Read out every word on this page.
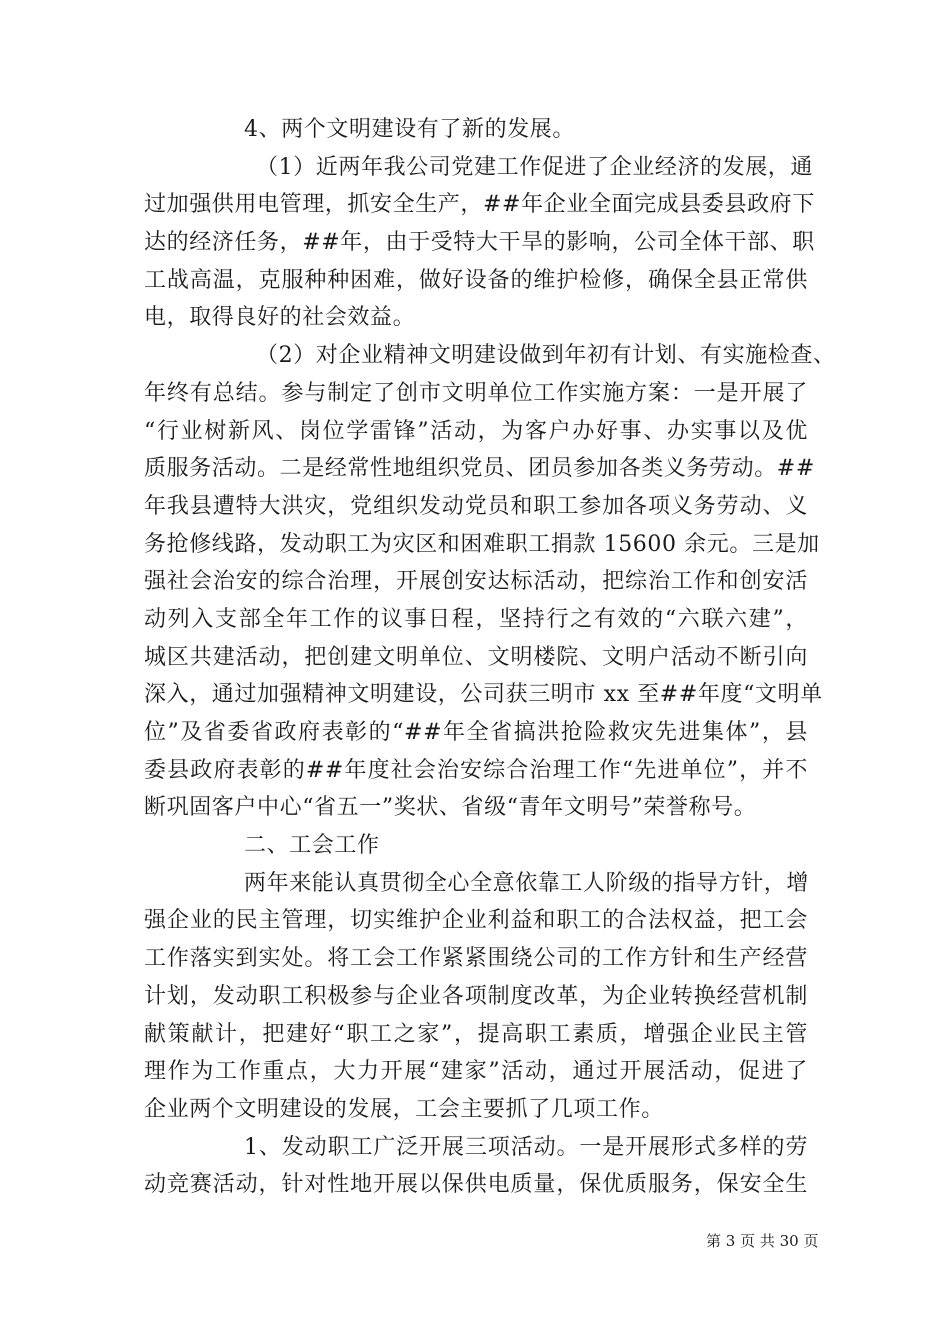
4、两个文明建设有了新的发展。
（1）近两年我公司党建工作促进了企业经济的发展，通
过加强供用电管理，抓安全生产，##年企业全面完成县委县政府下
达的经济任务，##年，由于受特大干旱的影响，公司全体干部、职
工战高温，克服种种困难，做好设备的维护检修，确保全县正常供
电，取得良好的社会效益。
（2）对企业精神文明建设做到年初有计划、有实施检查、
年终有总结。参与制定了创市文明单位工作实施方案：一是开展了
“行业树新风、岗位学雷锋”活动，为客户办好事、办实事以及优
质服务活动。二是经常性地组织党员、团员参加各类义务劳动。##
年我县遭特大洪灾，党组织发动党员和职工参加各项义务劳动、义
务抢修线路，发动职工为灾区和困难职工捐款 15600 余元。三是加
强社会治安的综合治理，开展创安达标活动，把综治工作和创安活
动列入支部全年工作的议事日程，坚持行之有效的“六联六建”，
城区共建活动，把创建文明单位、文明楼院、文明户活动不断引向
深入，通过加强精神文明建设，公司获三明市 xx 至##年度“文明单
位”及省委省政府表彰的“##年全省搞洪抢险救灾先进集体”，县
委县政府表彰的##年度社会治安综合治理工作“先进单位”，并不
断巩固客户中心“省五一”奖状、省级“青年文明号”荣誉称号。
二、工会工作
两年来能认真贯彻全心全意依靠工人阶级的指导方针，增
强企业的民主管理，切实维护企业利益和职工的合法权益，把工会
工作落实到实处。将工会工作紧紧围绕公司的工作方针和生产经营
计划，发动职工积极参与企业各项制度改革，为企业转换经营机制
献策献计，把建好“职工之家”，提高职工素质，增强企业民主管
理作为工作重点，大力开展“建家”活动，通过开展活动，促进了
企业两个文明建设的发展，工会主要抓了几项工作。
1、发动职工广泛开展三项活动。一是开展形式多样的劳
动竞赛活动，针对性地开展以保供电质量，保优质服务，保安全生
第 3 页 共 30 页
